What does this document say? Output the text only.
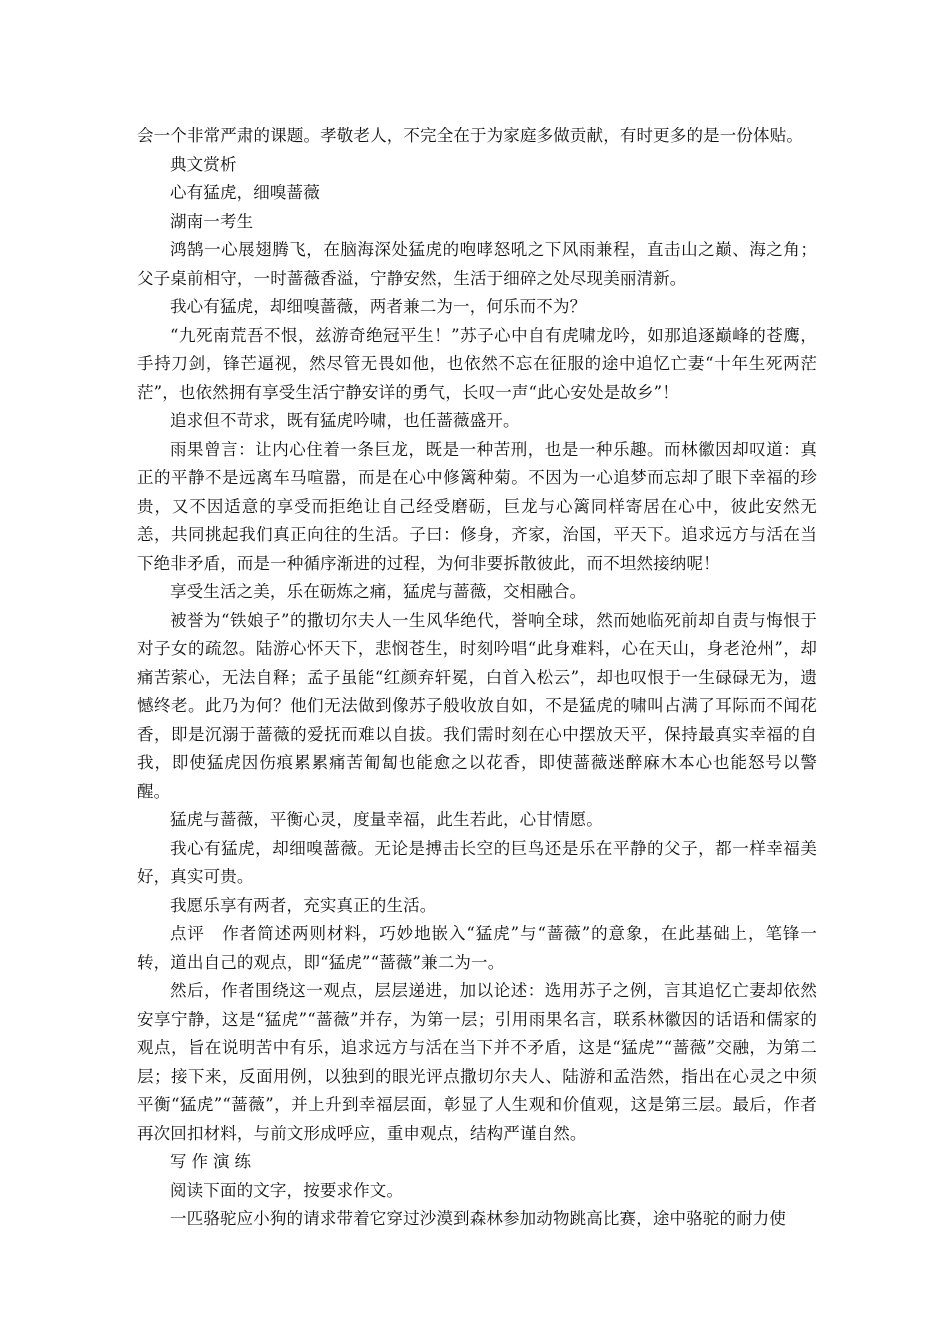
会一个非常严肃的课题。孝敬老人，不完全在于为家庭多做贡献，有时更多的是一份体贴。

典文赏析

心有猛虎，细嗅蔷薇

湖南一考生

鸿鹄一心展翅腾飞，在脑海深处猛虎的咆哮怒吼之下风雨兼程，直击山之巅、海之角；父子桌前相守，一时蔷薇香溢，宁静安然，生活于细碎之处尽现美丽清新。

我心有猛虎，却细嗅蔷薇，两者兼二为一，何乐而不为？

“九死南荒吾不恨，兹游奇绝冠平生！”苏子心中自有虎啸龙吟，如那追逐巅峰的苍鹰，手持刀剑，锋芒逼视，然尽管无畏如他，也依然不忘在征服的途中追忆亡妻“十年生死两茫茫”，也依然拥有享受生活宁静安详的勇气，长叹一声“此心安处是故乡”！

追求但不苛求，既有猛虎吟啸，也任蔷薇盛开。

雨果曾言：让内心住着一条巨龙，既是一种苦刑，也是一种乐趣。而林徽因却叹道：真正的平静不是远离车马喧嚣，而是在心中修篱种菊。不因为一心追梦而忘却了眼下幸福的珍贵，又不因适意的享受而拒绝让自己经受磨砺，巨龙与心篱同样寄居在心中，彼此安然无恙，共同挑起我们真正向往的生活。子曰：修身，齐家，治国，平天下。追求远方与活在当下绝非矛盾，而是一种循序渐进的过程，为何非要拆散彼此，而不坦然接纳呢！

享受生活之美，乐在砺炼之痛，猛虎与蔷薇，交相融合。

被誉为“铁娘子”的撒切尔夫人一生风华绝代，誉响全球，然而她临死前却自责与悔恨于对子女的疏忽。陆游心怀天下，悲悯苍生，时刻吟唱“此身难料，心在天山，身老沧州”，却痛苦萦心，无法自释；孟子虽能“红颜弃轩冕，白首入松云”，却也叹恨于一生碌碌无为，遗憾终老。此乃为何？他们无法做到像苏子般收放自如，不是猛虎的啸叫占满了耳际而不闻花香，即是沉溺于蔷薇的爱抚而难以自拔。我们需时刻在心中摆放天平，保持最真实幸福的自我，即使猛虎因伤痕累累痛苦匍匐也能愈之以花香，即使蔷薇迷醉麻木本心也能怒号以警醒。

猛虎与蔷薇，平衡心灵，度量幸福，此生若此，心甘情愿。

我心有猛虎，却细嗅蔷薇。无论是搏击长空的巨鸟还是乐在平静的父子，都一样幸福美好，真实可贵。

我愿乐享有两者，充实真正的生活。

点评　作者简述两则材料，巧妙地嵌入“猛虎”与“蔷薇”的意象，在此基础上，笔锋一转，道出自己的观点，即“猛虎”“蔷薇”兼二为一。

然后，作者围绕这一观点，层层递进，加以论述：选用苏子之例，言其追忆亡妻却依然安享宁静，这是“猛虎”“蔷薇”并存，为第一层；引用雨果名言，联系林徽因的话语和儒家的观点，旨在说明苦中有乐，追求远方与活在当下并不矛盾，这是“猛虎”“蔷薇”交融，为第二层；接下来，反面用例，以独到的眼光评点撒切尔夫人、陆游和孟浩然，指出在心灵之中须平衡“猛虎”“蔷薇”，并上升到幸福层面，彰显了人生观和价值观，这是第三层。最后，作者再次回扣材料，与前文形成呼应，重申观点，结构严谨自然。

写作演练

阅读下面的文字，按要求作文。

一匹骆驼应小狗的请求带着它穿过沙漠到森林参加动物跳高比赛，途中骆驼的耐力使
